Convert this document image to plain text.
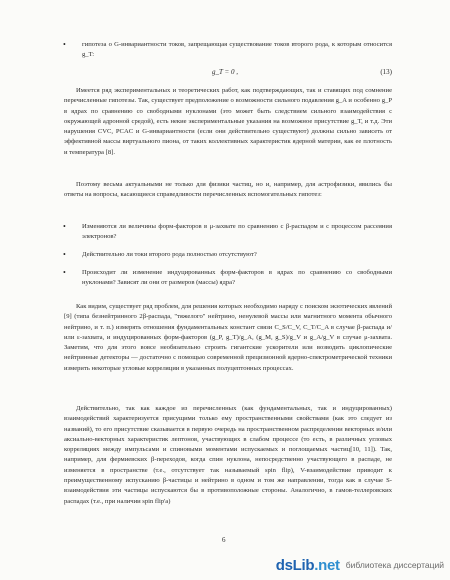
• гипотеза о G-инвариантности токов, запрещающая существование токов второго рода, к которым относится g_T:
g_T = 0 ,	(13)

Имеется ряд экспериментальных и теоретических работ, как подтверждающих, так и ставящих под сомнение перечисленные гипотезы. Так, существует предположение о возможности сильного подавления g_A и особенно g_P в ядрах по сравнению со свободными нуклонами (это может быть следствием сильного взаимодействия с окружающей адронной средой), есть некие экспериментальные указания на возможное присутствие g_T, и т.д. Эти нарушения CVC, PCAC и G-инвариантности (если они действительно существуют) должны сильно зависеть от эффективной массы виртуального пиона, от таких коллективных характеристик ядерной материи, как ее плотность и температура [8].

Поэтому весьма актуальными не только для физики частиц, но и, например, для астрофизики, явились бы ответы на вопросы, касающиеся справедливости перечисленных вспомогательных гипотез:

• Изменяются ли величины форм-факторов в μ-захвате по сравнению с β-распадом и с процессом рассеяния электронов?
• Действительно ли токи второго рода полностью отсутствуют?
• Происходит ли изменение индуцированных форм-факторов в ядрах по сравнению со свободными нуклонами? Зависят ли они от размеров (массы) ядра?

Как видим, существует ряд проблем, для решения которых необходимо наряду с поиском экзотических явлений [9] (типа безнейтринного 2β-распада, "тяжелого" нейтрино, ненулевой массы или магнитного момента обычного нейтрино, и т. п.) измерять отношения фундаментальных констант связи C_S/C_V, C_T/C_A в случае β-распада и/или ε-захвата, и индуцированных форм-факторов (g_P, g_T)/g_A, (g_M, g_S)/g_V и g_A/g_V в случае μ-захвата. Заметим, что для этого вовсе необязательно строить гигантские ускорители или возводить циклопические нейтринные детекторы — достаточно с помощью современной прецизионной ядерно-спектрометрической техники измерить некоторые угловые корреляции в указанных полуцептонных процессах.

Действительно, так как каждое из перечисленных (как фундаментальных, так и индуцированных) взаимодействий характеризуется присущими только ему пространственными свойствами (как это следует из названий), то его присутствие сказывается в первую очередь на пространственном распределении векторных и/или аксиально-векторных характеристик лептонов, участвующих в слабом процессе (то есть, в различных угловых корреляциях между импульсами и спиновыми моментами испускаемых и поглощаемых частиц[10, 11]). Так, например, для фермиевских β-переходов, когда спин нуклона, непосредственно участвующего в распаде, не изменяется в пространстве (т.е., отсутствует так называемый spin flip), V-взаимодействие приводит к преимущественному испусканию β-частицы и нейтрино в одном и том же направлении, тогда как в случае S-взаимодействия эти частицы испускаются бы в противоположные стороны. Аналогично, в гамов-теллеровских распадах (т.е., при наличии spin flip'а)

6
dsLib.net библиотека диссертаций
